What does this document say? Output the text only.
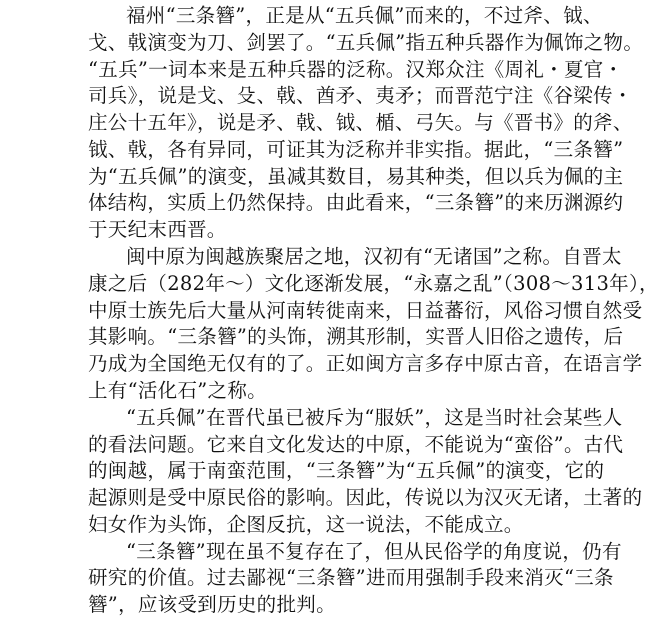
福州“三条簪”，正是从“五兵佩”而来的，不过斧、钺、
戈、戟演变为刀、剑罢了。“五兵佩”指五种兵器作为佩饰之物。
“五兵”一词本来是五种兵器的泛称。汉郑众注《周礼・夏官・
司兵》，说是戈、殳、戟、酋矛、夷矛；而晋范宁注《谷梁传・
庄公十五年》，说是矛、戟、钺、楯、弓矢。与《晋书》的斧、
钺、戟，各有异同，可证其为泛称并非实指。据此，“三条簪”
为“五兵佩”的演变，虽减其数目，易其种类，但以兵为佩的主
体结构，实质上仍然保持。由此看来，“三条簪”的来历渊源约
于天纪末西晋。
闽中原为闽越族聚居之地，汉初有“无诸国”之称。自晋太
康之后（282年～）文化逐渐发展，“永嘉之乱”（308～313年），
中原士族先后大量从河南转徙南来，日益蕃衍，风俗习惯自然受
其影响。“三条簪”的头饰，溯其形制，实晋人旧俗之遗传，后
乃成为全国绝无仅有的了。正如闽方言多存中原古音，在语言学
上有“活化石”之称。
“五兵佩”在晋代虽已被斥为“服妖”，这是当时社会某些人
的看法问题。它来自文化发达的中原，不能说为“蛮俗”。古代
的闽越，属于南蛮范围，“三条簪”为“五兵佩”的演变，它的
起源则是受中原民俗的影响。因此，传说以为汉灭无诸，土著的
妇女作为头饰，企图反抗，这一说法，不能成立。
“三条簪”现在虽不复存在了，但从民俗学的角度说，仍有
研究的价值。过去鄙视“三条簪”进而用强制手段来消灭“三条
簪”，应该受到历史的批判。
